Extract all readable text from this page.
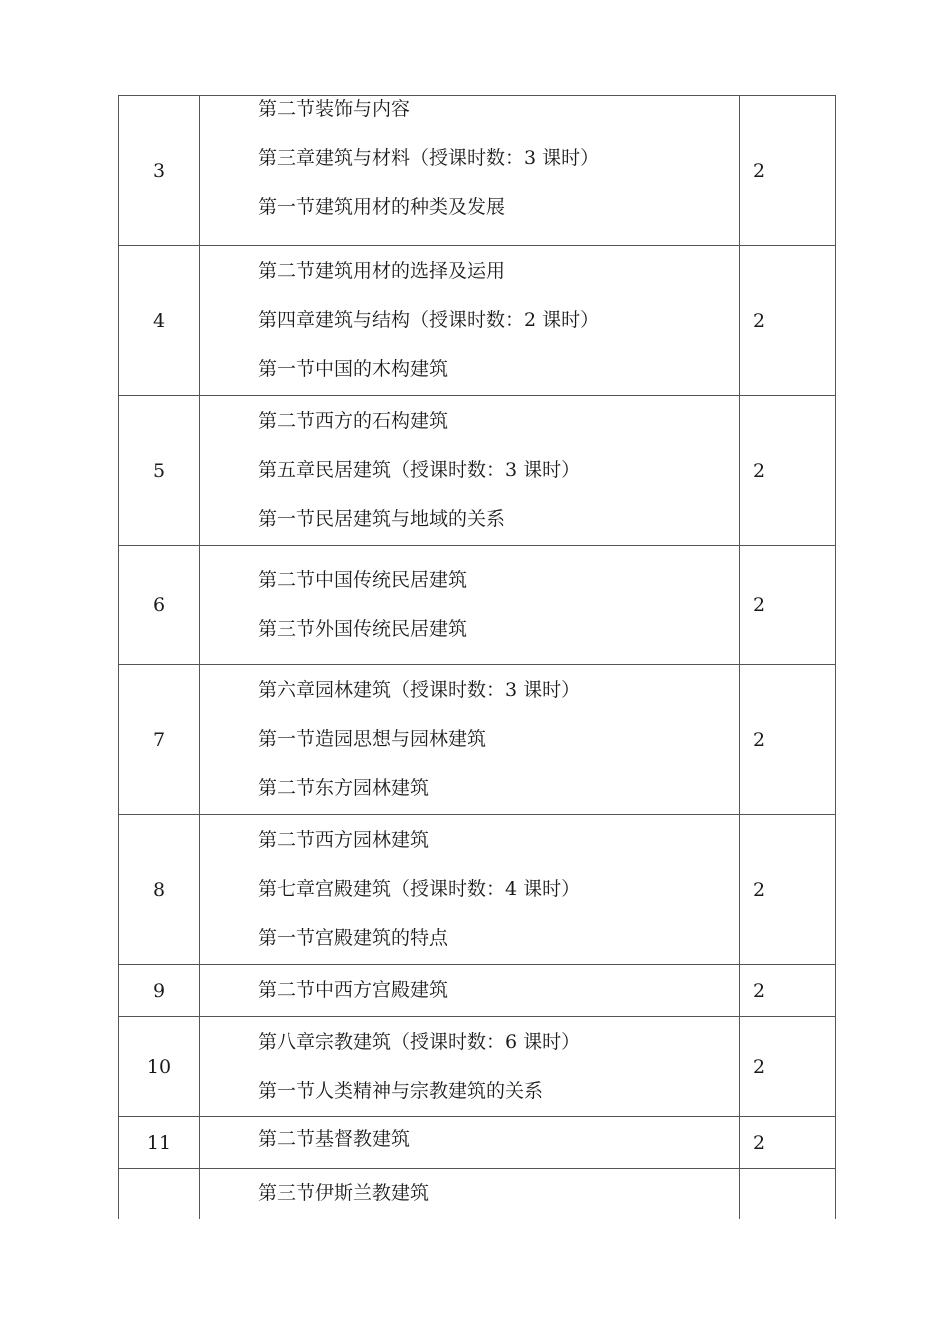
3	第二节装饰与内容
第三章建筑与材料（授课时数：3 课时）
第一节建筑用材的种类及发展	2
4	第二节建筑用材的选择及运用
第四章建筑与结构（授课时数：2 课时）
第一节中国的木构建筑	2
5	第二节西方的石构建筑
第五章民居建筑（授课时数：3 课时）
第一节民居建筑与地域的关系	2
6	第二节中国传统民居建筑
第三节外国传统民居建筑	2
7	第六章园林建筑（授课时数：3 课时）
第一节造园思想与园林建筑
第二节东方园林建筑	2
8	第二节西方园林建筑
第七章宫殿建筑（授课时数：4 课时）
第一节宫殿建筑的特点	2
9	第二节中西方宫殿建筑	2
10	第八章宗教建筑（授课时数：6 课时）
第一节人类精神与宗教建筑的关系	2
11	第二节基督教建筑	2

	第三节伊斯兰教建筑	
